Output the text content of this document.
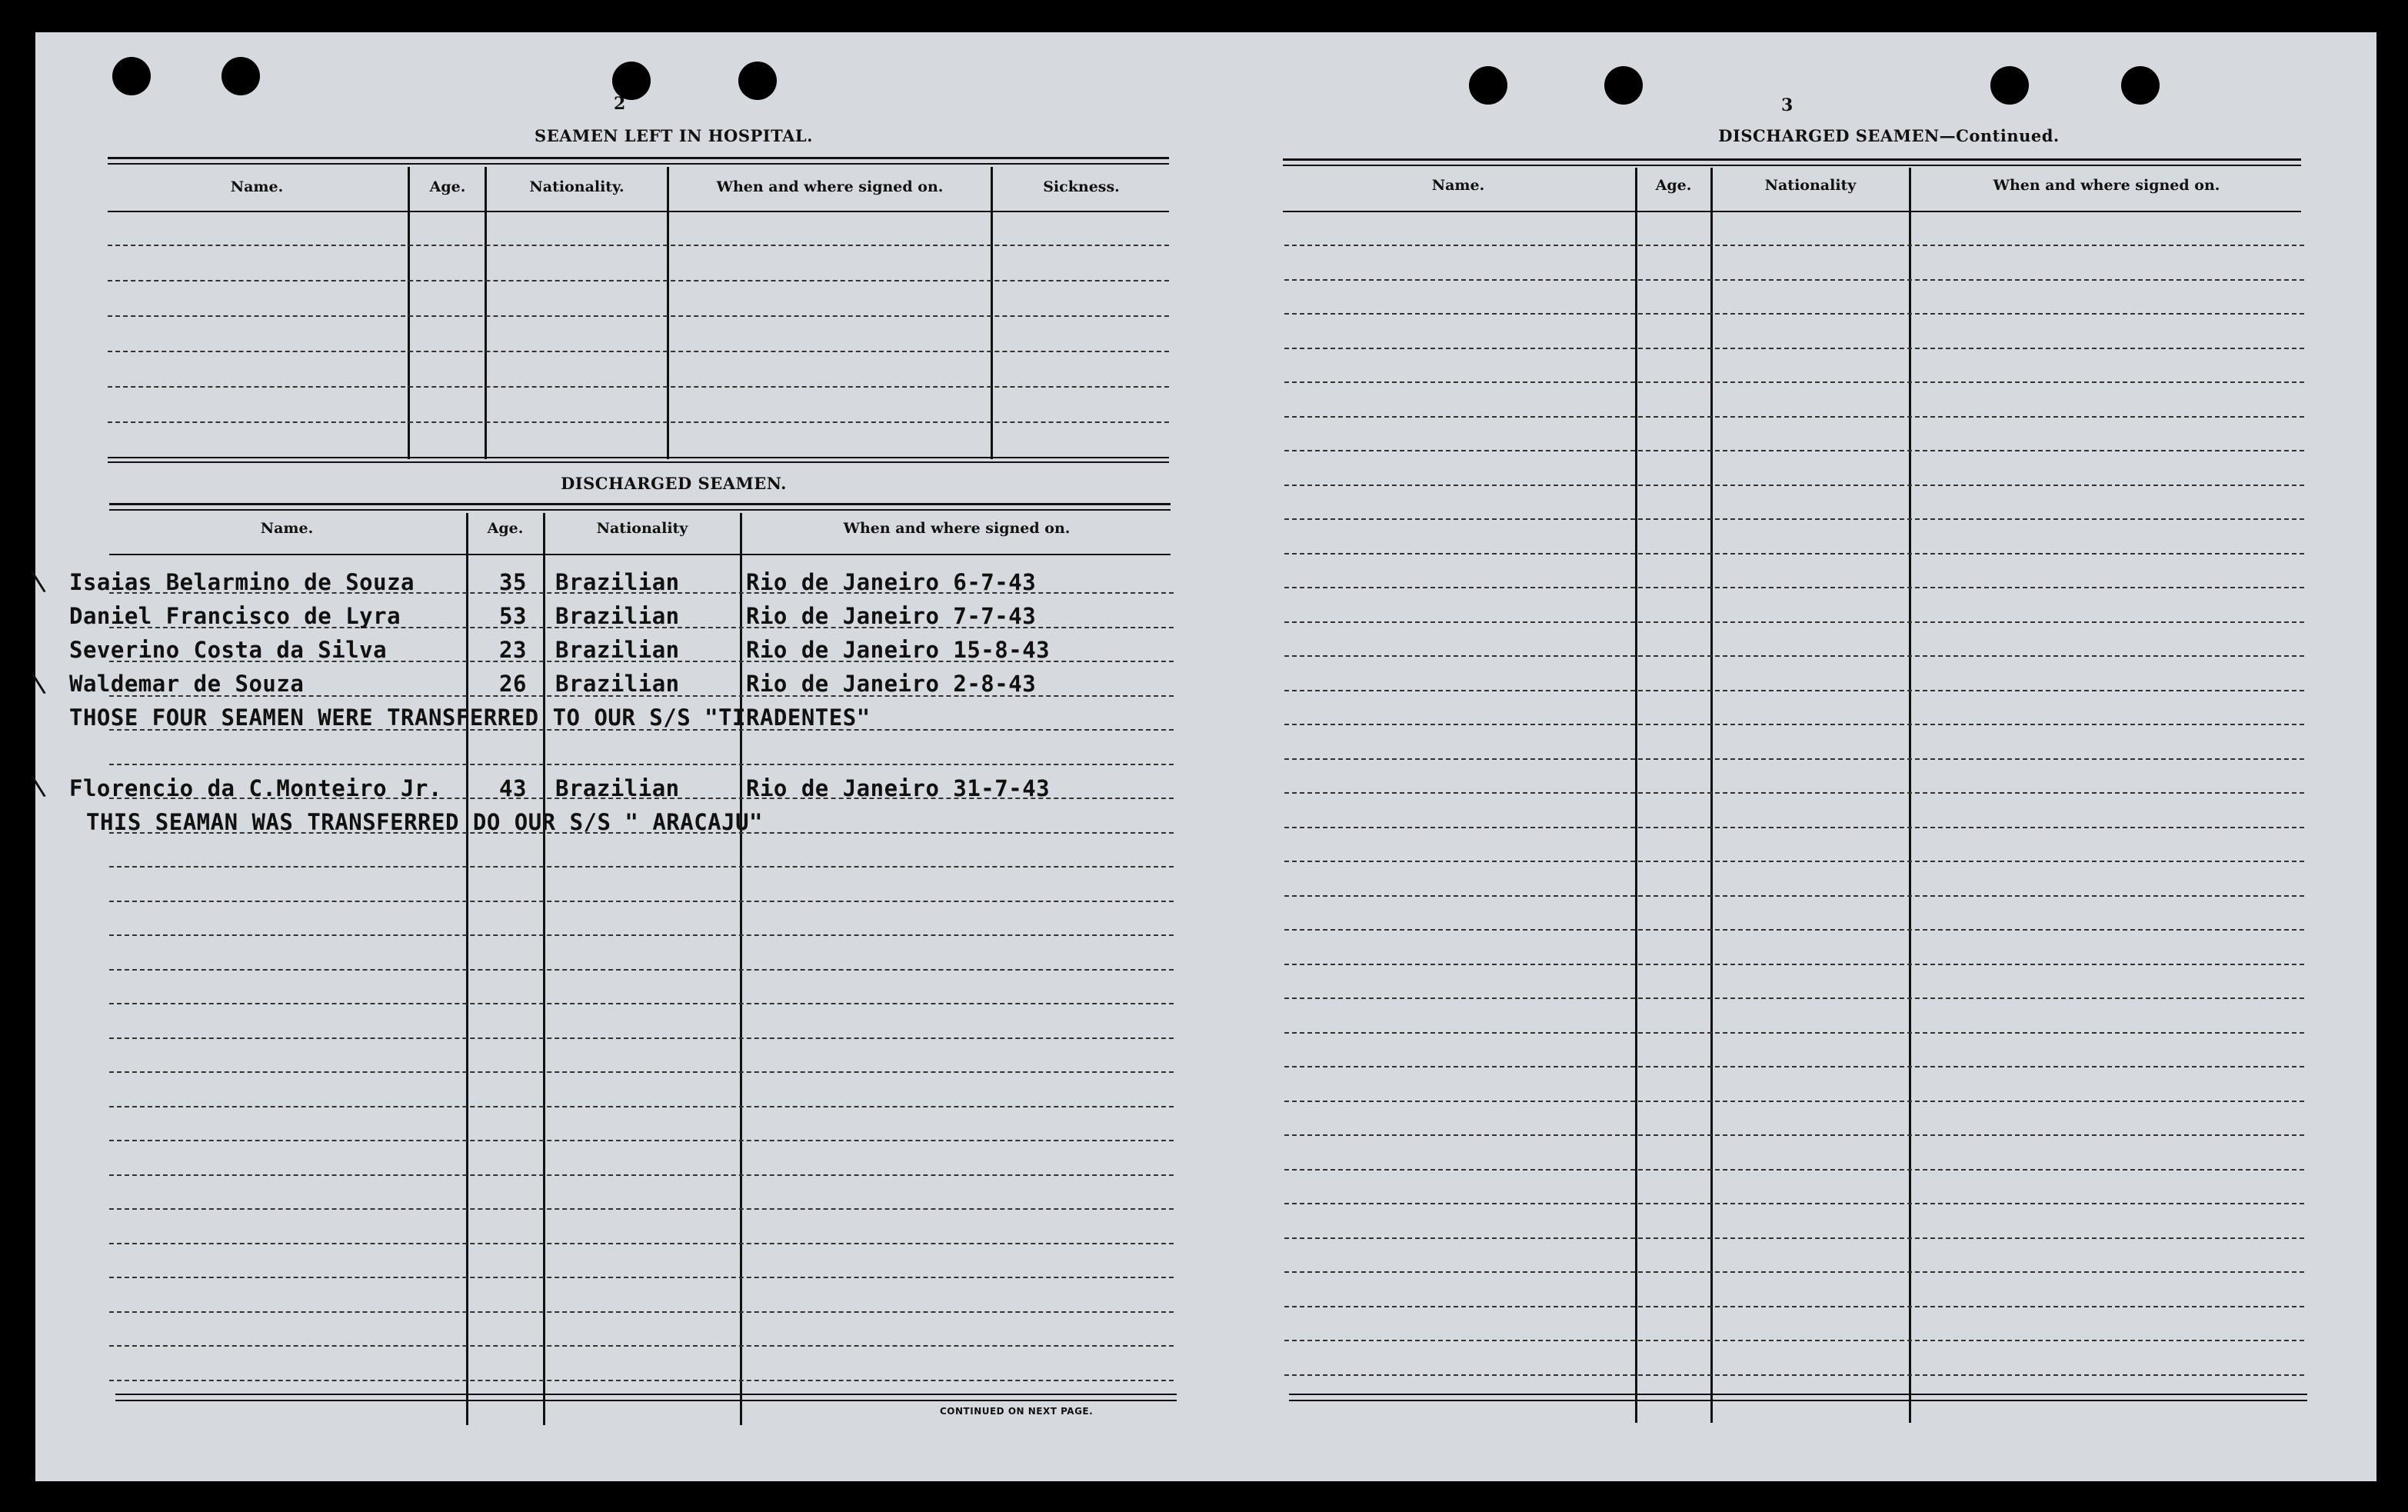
2
SEAMEN LEFT IN HOSPITAL.
Name.	Age.	Nationality.	When and where signed on.	Sickness.
DISCHARGED SEAMEN.
Name.	Age.	Nationality	When and where signed on.
\ Isaias Belarmino de Souza	35 Brazilian	Rio de Janeiro 6-7-43
Daniel Francisco de Lyra	53 Brazilian	Rio de Janeiro 7-7-43
Severino Costa da Silva	23 Brazilian	Rio de Janeiro 15-8-43
\ Waldemar de Souza	26 Brazilian	Rio de Janeiro 2-8-43
THOSE FOUR SEAMEN WERE TRANSFERRED TO OUR S/S "TIRADENTES"
\ Florencio da C.Monteiro Jr.	43 Brazilian	Rio de Janeiro 31-7-43
THIS SEAMAN WAS TRANSFERRED DO OUR S/S " ARACAJU"
CONTINUED ON NEXT PAGE.
3
DISCHARGED SEAMEN—Continued.
Name.	Age.	Nationality	When and where signed on.
